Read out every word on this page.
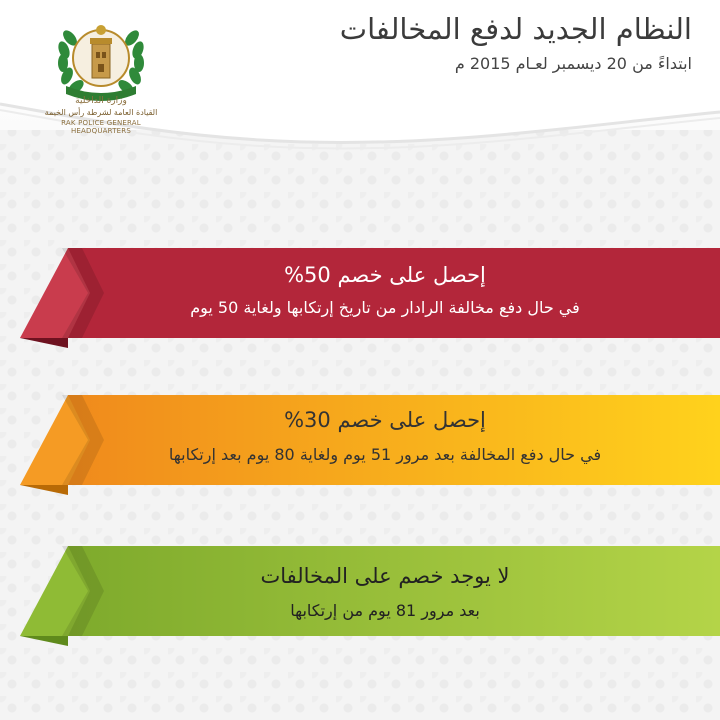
وزارة الداخلية
القيادة العامة لشرطة رأس الخيمة
RAK POLICE GENERAL HEADQUARTERS
النظام الجديد لدفع المخالفات
ابتداءً من 20 ديسمبر لعـام 2015 م
إحصل على خصم 50%
في حال دفع مخالفة الرادار من تاريخ إرتكابها ولغاية 50 يوم
إحصل على خصم 30%
في حال دفع المخالفة بعد مرور 51 يوم ولغاية 80 يوم بعد إرتكابها
لا يوجد خصم على المخالفات
بعد مرور 81 يوم من إرتكابها
